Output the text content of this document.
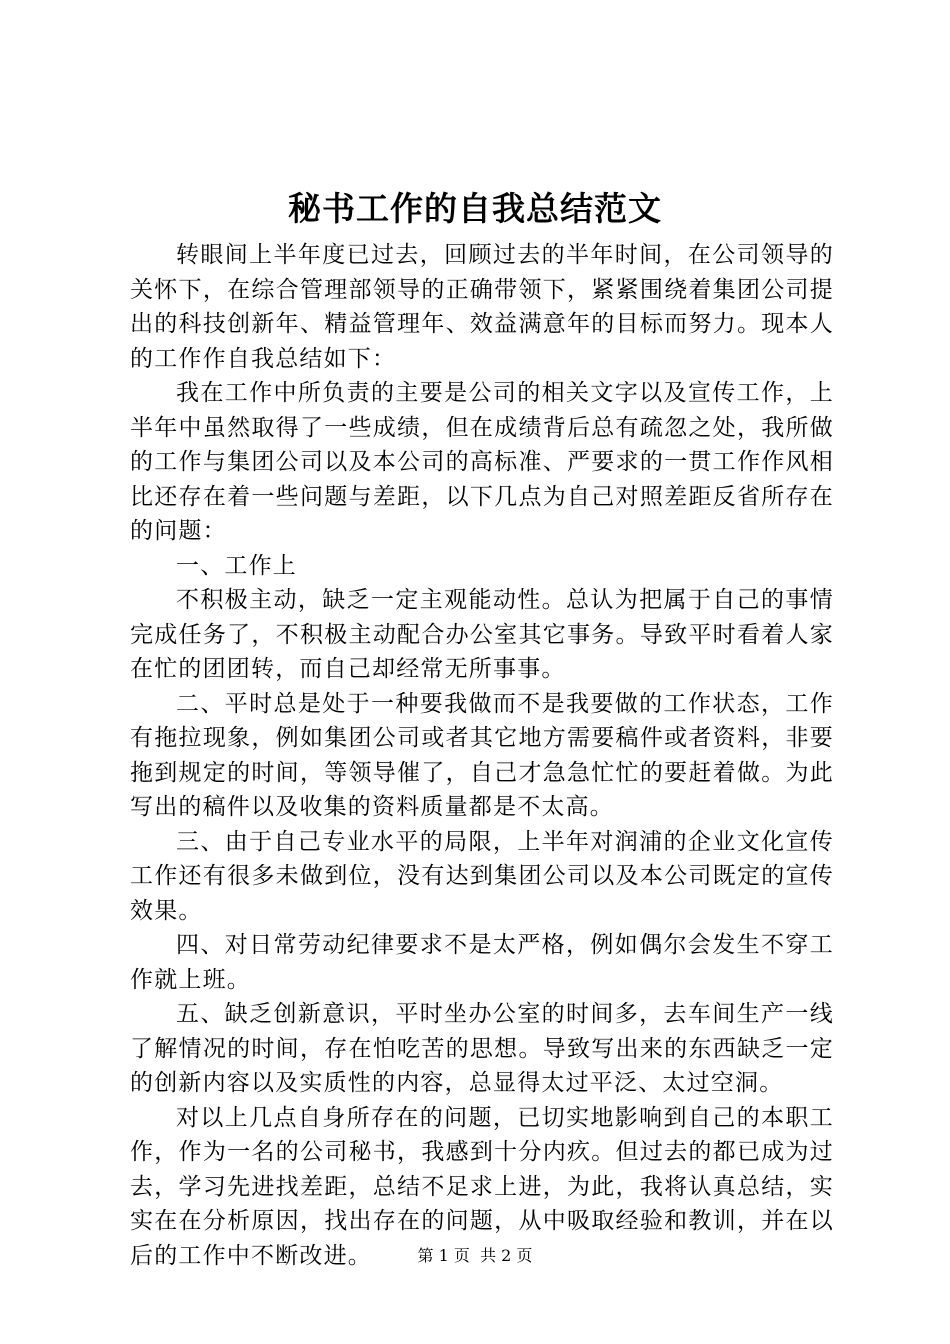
秘书工作的自我总结范文

转眼间上半年度已过去，回顾过去的半年时间，在公司领导的关怀下，在综合管理部领导的正确带领下，紧紧围绕着集团公司提出的科技创新年、精益管理年、效益满意年的目标而努力。现本人的工作作自我总结如下：

我在工作中所负责的主要是公司的相关文字以及宣传工作，上半年中虽然取得了一些成绩，但在成绩背后总有疏忽之处，我所做的工作与集团公司以及本公司的高标准、严要求的一贯工作作风相比还存在着一些问题与差距，以下几点为自己对照差距反省所存在的问题：

一、工作上

不积极主动，缺乏一定主观能动性。总认为把属于自己的事情完成任务了，不积极主动配合办公室其它事务。导致平时看着人家在忙的团团转，而自己却经常无所事事。

二、平时总是处于一种要我做而不是我要做的工作状态，工作有拖拉现象，例如集团公司或者其它地方需要稿件或者资料，非要拖到规定的时间，等领导催了，自己才急急忙忙的要赶着做。为此写出的稿件以及收集的资料质量都是不太高。

三、由于自己专业水平的局限，上半年对润浦的企业文化宣传工作还有很多未做到位，没有达到集团公司以及本公司既定的宣传效果。

四、对日常劳动纪律要求不是太严格，例如偶尔会发生不穿工作就上班。

五、缺乏创新意识，平时坐办公室的时间多，去车间生产一线了解情况的时间，存在怕吃苦的思想。导致写出来的东西缺乏一定的创新内容以及实质性的内容，总显得太过平泛、太过空洞。

对以上几点自身所存在的问题，已切实地影响到自己的本职工作，作为一名的公司秘书，我感到十分内疚。但过去的都已成为过去，学习先进找差距，总结不足求上进，为此，我将认真总结，实实在在分析原因，找出存在的问题，从中吸取经验和教训，并在以后的工作中不断改进。	第 1 页  共 2 页
